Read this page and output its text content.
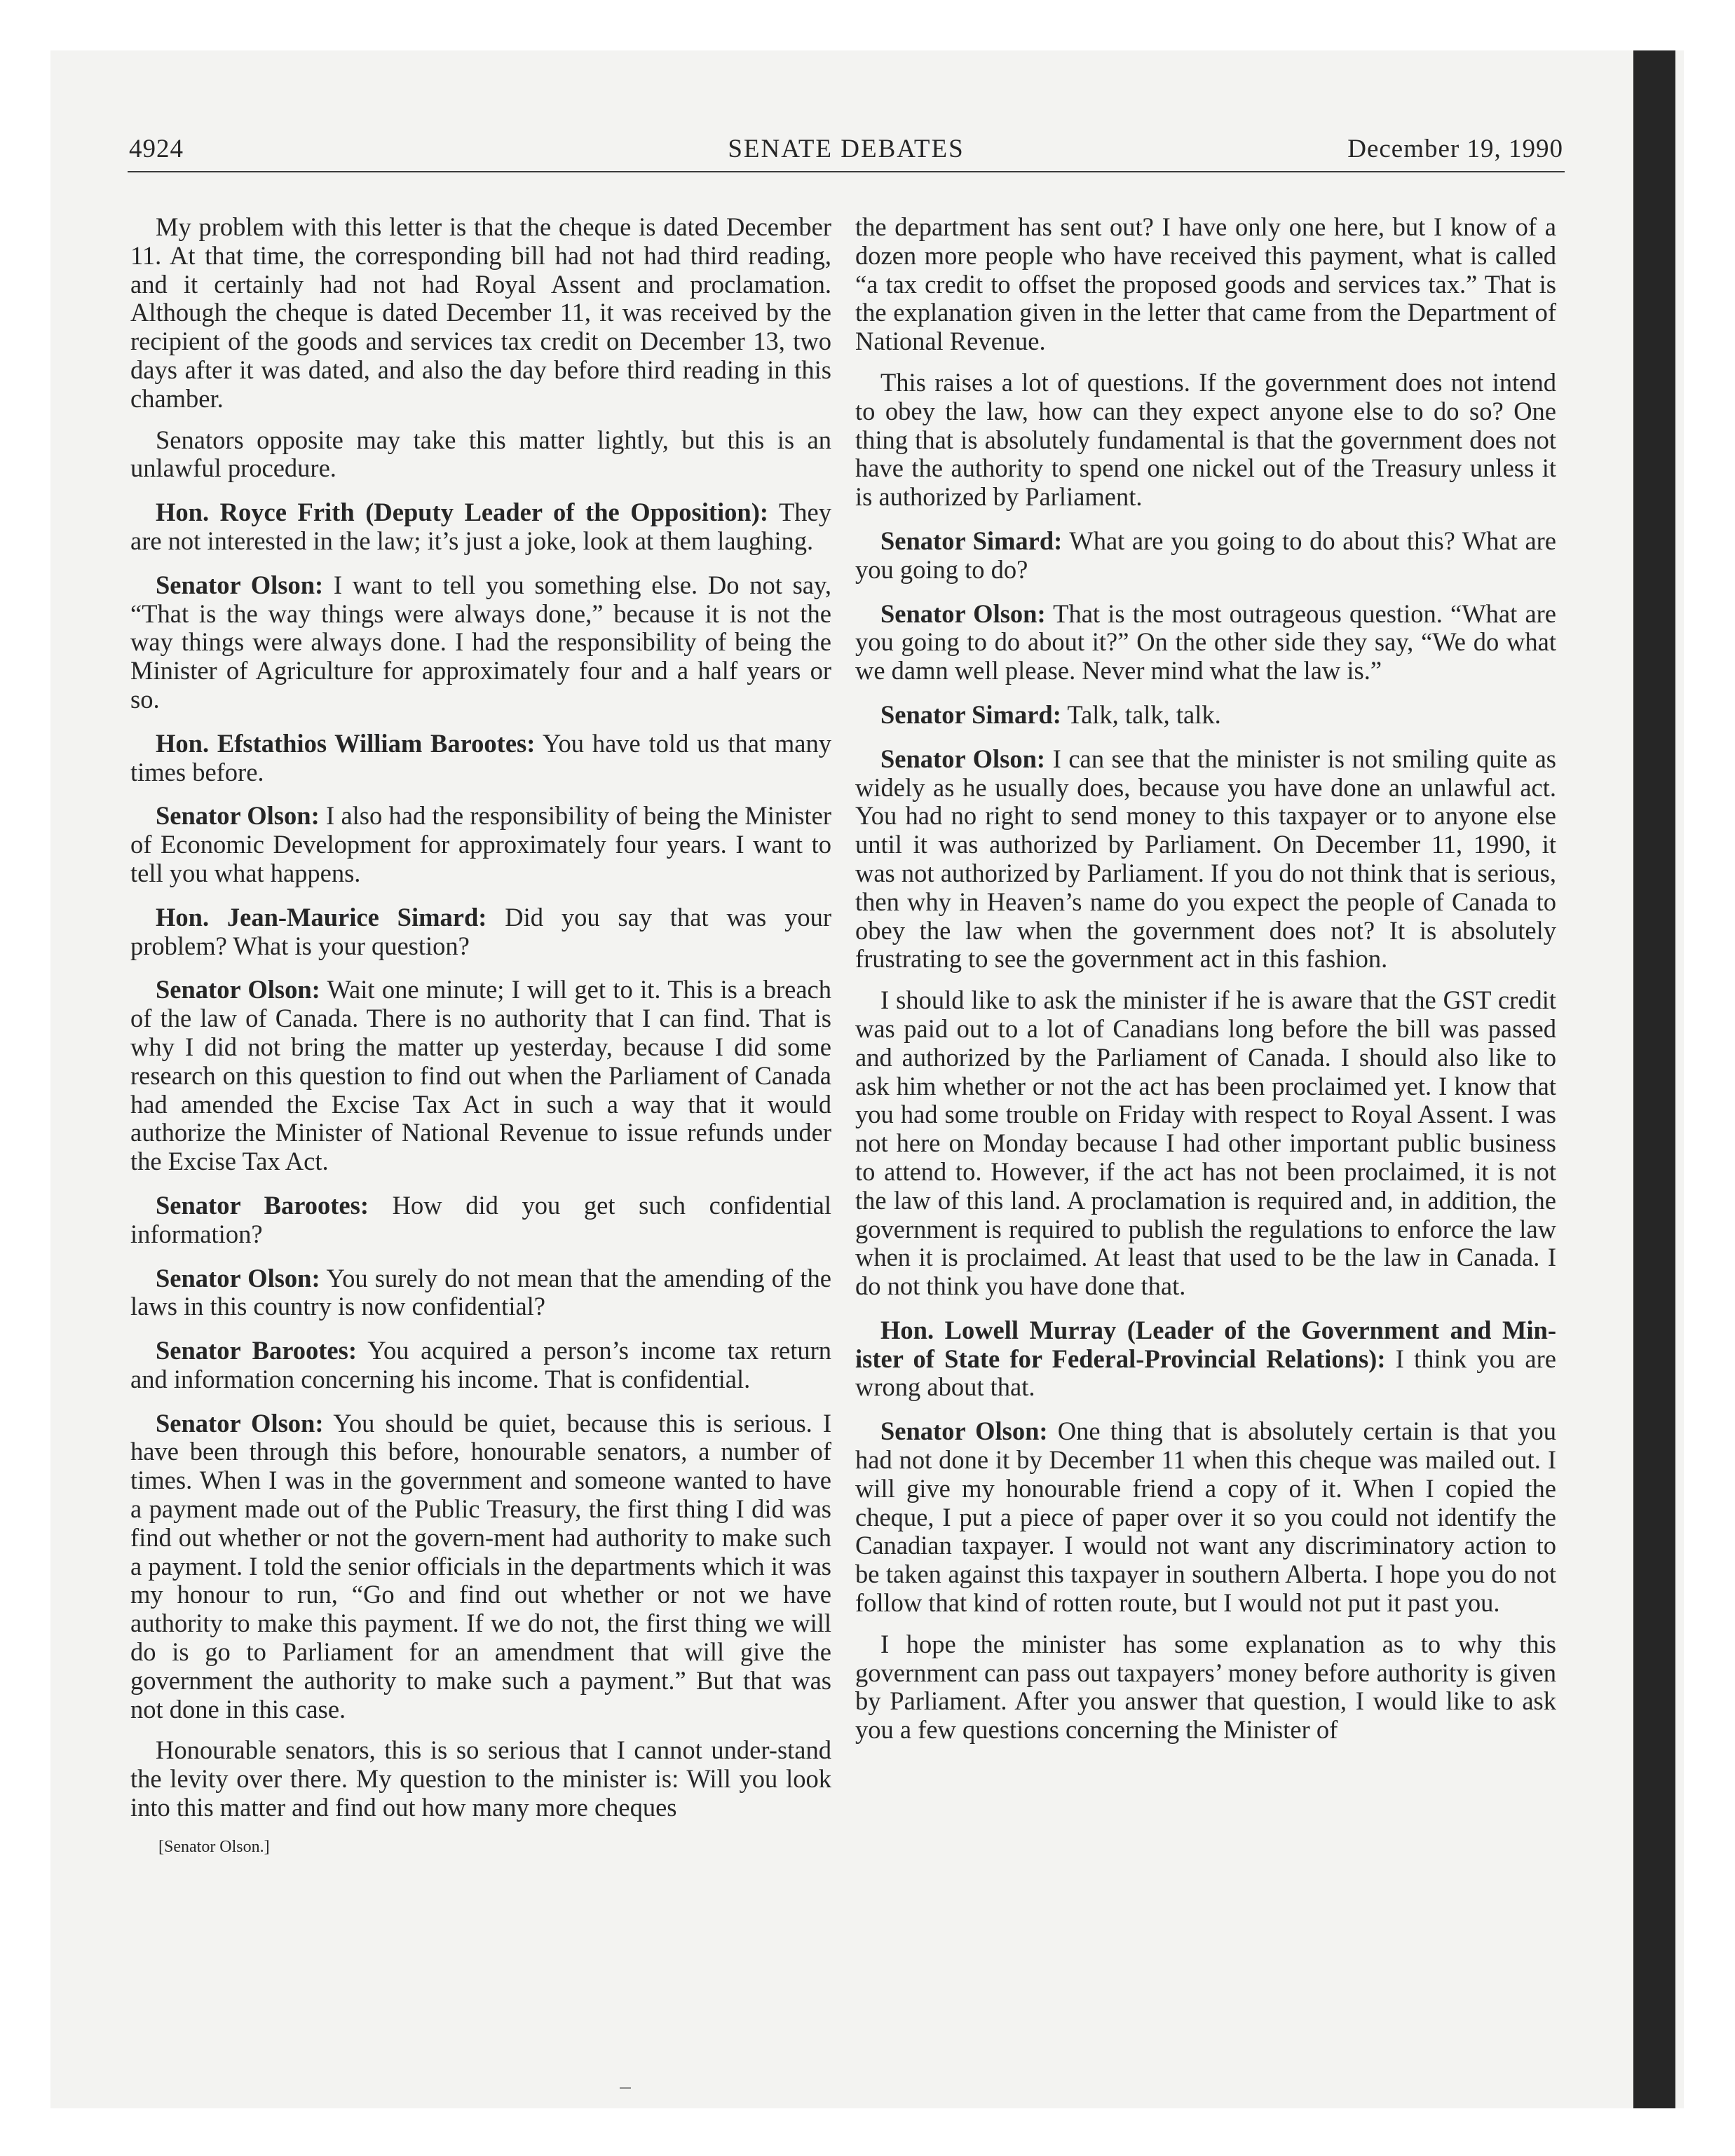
4924	SENATE DEBATES	December 19, 1990

My problem with this letter is that the cheque is dated December 11. At that time, the corresponding bill had not had third reading, and it certainly had not had Royal Assent and proclamation. Although the cheque is dated December 11, it was received by the recipient of the goods and services tax credit on December 13, two days after it was dated, and also the day before third reading in this chamber.

Senators opposite may take this matter lightly, but this is an unlawful procedure.

Hon. Royce Frith (Deputy Leader of the Opposition): They are not interested in the law; it’s just a joke, look at them laughing.

Senator Olson: I want to tell you something else. Do not say, “That is the way things were always done,” because it is not the way things were always done. I had the responsibility of being the Minister of Agriculture for approximately four and a half years or so.

Hon. Efstathios William Barootes: You have told us that many times before.

Senator Olson: I also had the responsibility of being the Minister of Economic Development for approximately four years. I want to tell you what happens.

Hon. Jean-Maurice Simard: Did you say that was your problem? What is your question?

Senator Olson: Wait one minute; I will get to it. This is a breach of the law of Canada. There is no authority that I can find. That is why I did not bring the matter up yesterday, because I did some research on this question to find out when the Parliament of Canada had amended the Excise Tax Act in such a way that it would authorize the Minister of National Revenue to issue refunds under the Excise Tax Act.

Senator Barootes: How did you get such confidential information?

Senator Olson: You surely do not mean that the amending of the laws in this country is now confidential?

Senator Barootes: You acquired a person’s income tax return and information concerning his income. That is confidential.

Senator Olson: You should be quiet, because this is serious. I have been through this before, honourable senators, a number of times. When I was in the government and someone wanted to have a payment made out of the Public Treasury, the first thing I did was find out whether or not the govern-ment had authority to make such a payment. I told the senior officials in the departments which it was my honour to run, “Go and find out whether or not we have authority to make this payment. If we do not, the first thing we will do is go to Parliament for an amendment that will give the government the authority to make such a payment.” But that was not done in this case.

Honourable senators, this is so serious that I cannot under-stand the levity over there. My question to the minister is: Will you look into this matter and find out how many more cheques

[Senator Olson.]

the department has sent out? I have only one here, but I know of a dozen more people who have received this payment, what is called “a tax credit to offset the proposed goods and services tax.” That is the explanation given in the letter that came from the Department of National Revenue.

This raises a lot of questions. If the government does not intend to obey the law, how can they expect anyone else to do so? One thing that is absolutely fundamental is that the government does not have the authority to spend one nickel out of the Treasury unless it is authorized by Parliament.

Senator Simard: What are you going to do about this? What are you going to do?

Senator Olson: That is the most outrageous question. “What are you going to do about it?” On the other side they say, “We do what we damn well please. Never mind what the law is.”

Senator Simard: Talk, talk, talk.

Senator Olson: I can see that the minister is not smiling quite as widely as he usually does, because you have done an unlawful act. You had no right to send money to this taxpayer or to anyone else until it was authorized by Parliament. On December 11, 1990, it was not authorized by Parliament. If you do not think that is serious, then why in Heaven’s name do you expect the people of Canada to obey the law when the government does not? It is absolutely frustrating to see the government act in this fashion.

I should like to ask the minister if he is aware that the GST credit was paid out to a lot of Canadians long before the bill was passed and authorized by the Parliament of Canada. I should also like to ask him whether or not the act has been proclaimed yet. I know that you had some trouble on Friday with respect to Royal Assent. I was not here on Monday because I had other important public business to attend to. However, if the act has not been proclaimed, it is not the law of this land. A proclamation is required and, in addition, the government is required to publish the regulations to enforce the law when it is proclaimed. At least that used to be the law in Canada. I do not think you have done that.

Hon. Lowell Murray (Leader of the Government and Min-ister of State for Federal-Provincial Relations): I think you are wrong about that.

Senator Olson: One thing that is absolutely certain is that you had not done it by December 11 when this cheque was mailed out. I will give my honourable friend a copy of it. When I copied the cheque, I put a piece of paper over it so you could not identify the Canadian taxpayer. I would not want any discriminatory action to be taken against this taxpayer in southern Alberta. I hope you do not follow that kind of rotten route, but I would not put it past you.

I hope the minister has some explanation as to why this government can pass out taxpayers’ money before authority is given by Parliament. After you answer that question, I would like to ask you a few questions concerning the Minister of
